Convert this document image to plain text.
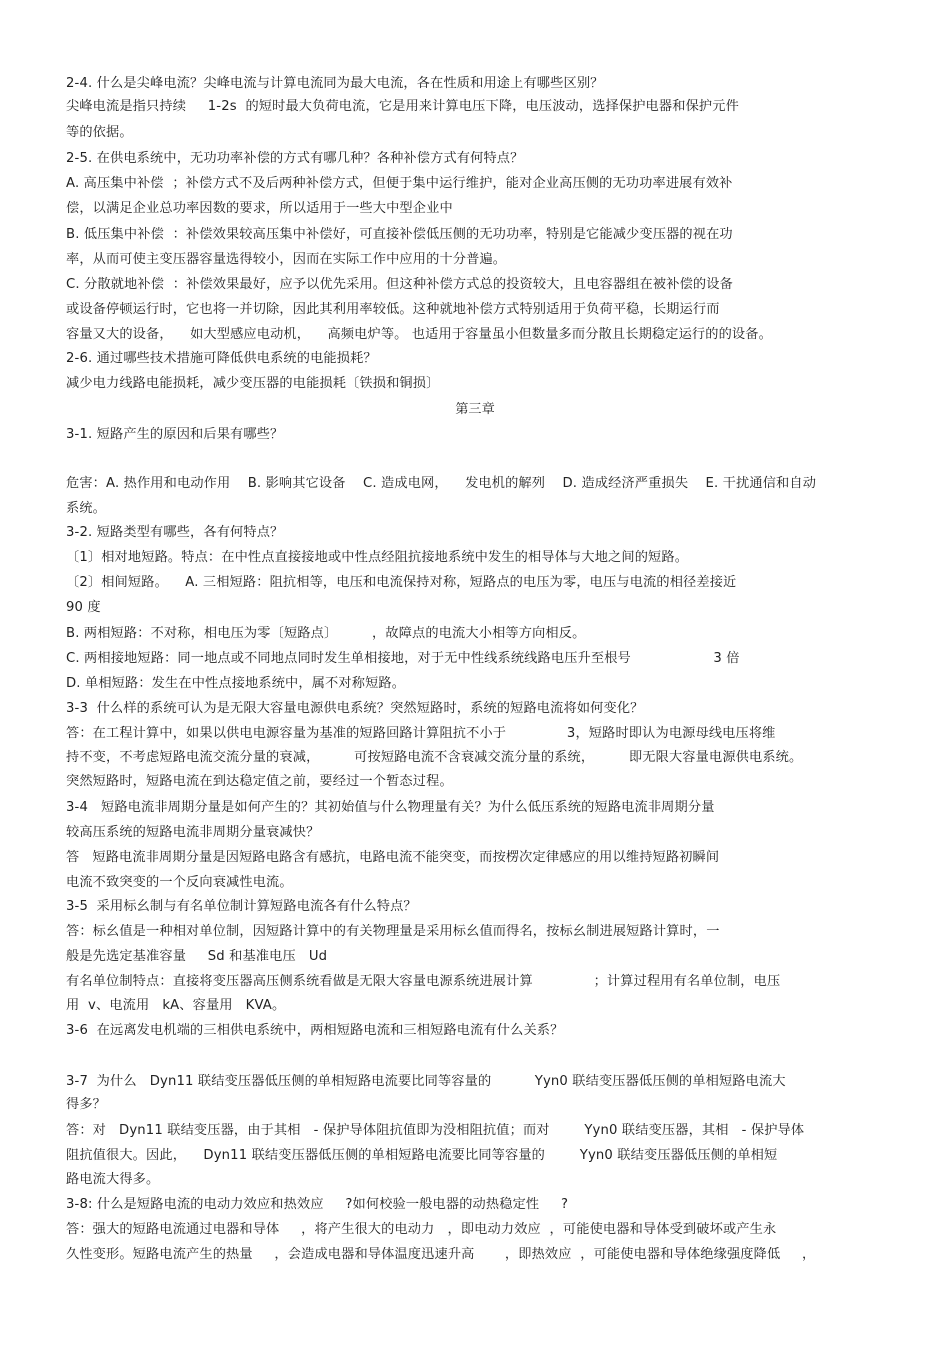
2-4. 什么是尖峰电流？尖峰电流与计算电流同为最大电流，各在性质和用途上有哪些区别？
尖峰电流是指只持续     1-2s  的短时最大负荷电流，它是用来计算电压下降，电压波动，选择保护电器和保护元件
等的依据。
2-5. 在供电系统中，无功功率补偿的方式有哪几种？各种补偿方式有何特点？
A. 高压集中补偿  ；补偿方式不及后两种补偿方式，但便于集中运行维护，能对企业高压侧的无功功率进展有效补
偿，以满足企业总功率因数的要求，所以适用于一些大中型企业中
B. 低压集中补偿  ：补偿效果较高压集中补偿好，可直接补偿低压侧的无功功率，特别是它能减少变压器的视在功
率，从而可使主变压器容量选得较小，因而在实际工作中应用的十分普遍。
C. 分散就地补偿  ：补偿效果最好，应予以优先采用。但这种补偿方式总的投资较大，且电容器组在被补偿的设备
或设备停顿运行时，它也将一并切除，因此其利用率较低。这种就地补偿方式特别适用于负荷平稳，长期运行而
容量又大的设备，    如大型感应电动机，    高频电炉等。 也适用于容量虽小但数量多而分散且长期稳定运行的的设备。
2-6. 通过哪些技术措施可降低供电系统的电能损耗？
减少电力线路电能损耗，减少变压器的电能损耗〔铁损和铜损〕
第三章
3-1. 短路产生的原因和后果有哪些？
危害：A. 热作用和电动作用    B. 影响其它设备    C. 造成电网，    发电机的解列    D. 造成经济严重损失    E. 干扰通信和自动
系统。
3-2. 短路类型有哪些，各有何特点？
〔1〕相对地短路。特点：在中性点直接接地或中性点经阻抗接地系统中发生的相导体与大地之间的短路。
〔2〕相间短路。    A. 三相短路：阻抗相等，电压和电流保持对称，短路点的电压为零，电压与电流的相径差接近
90 度
B. 两相短路：不对称，相电压为零〔短路点〕        ，故障点的电流大小相等方向相反。
C. 两相接地短路：同一地点或不同地点同时发生单相接地，对于无中性线系统线路电压升至根号                   3 倍
D. 单相短路：发生在中性点接地系统中，属不对称短路。
3-3  什么样的系统可认为是无限大容量电源供电系统？突然短路时，系统的短路电流将如何变化？
答：在工程计算中，如果以供电电源容量为基准的短路回路计算阻抗不小于              3，短路时即认为电源母线电压将维
持不变，不考虑短路电流交流分量的衰减，        可按短路电流不含衰减交流分量的系统，        即无限大容量电源供电系统。
突然短路时，短路电流在到达稳定值之前，要经过一个暂态过程。
3-4   短路电流非周期分量是如何产生的？其初始值与什么物理量有关？为什么低压系统的短路电流非周期分量
较高压系统的短路电流非周期分量衰减快？
答   短路电流非周期分量是因短路电路含有感抗，电路电流不能突变，而按楞次定律感应的用以维持短路初瞬间
电流不致突变的一个反向衰减性电流。
3-5  采用标幺制与有名单位制计算短路电流各有什么特点？
答：标幺值是一种相对单位制，因短路计算中的有关物理量是采用标幺值而得名，按标幺制进展短路计算时，一
般是先选定基准容量     Sd 和基准电压   Ud
有名单位制特点：直接将变压器高压侧系统看做是无限大容量电源系统进展计算              ；计算过程用有名单位制，电压
用  v、电流用   kA、容量用   KVA。
3-6  在远离发电机端的三相供电系统中，两相短路电流和三相短路电流有什么关系？
3-7  为什么   Dyn11 联结变压器低压侧的单相短路电流要比同等容量的          Yyn0 联结变压器低压侧的单相短路电流大
得多？
答：对   Dyn11 联结变压器，由于其相   - 保护导体阻抗值即为没相阻抗值；而对        Yyn0 联结变压器，其相   - 保护导体
阻抗值很大。因此，    Dyn11 联结变压器低压侧的单相短路电流要比同等容量的        Yyn0 联结变压器低压侧的单相短
路电流大得多。
3-8: 什么是短路电流的电动力效应和热效应     ?如何校验一般电器的动热稳定性     ?
答：强大的短路电流通过电器和导体     ，将产生很大的电动力   ，即电动力效应  ，可能使电器和导体受到破坏或产生永
久性变形。短路电流产生的热量     ，会造成电器和导体温度迅速升高       ，即热效应  ，可能使电器和导体绝缘强度降低     ，
